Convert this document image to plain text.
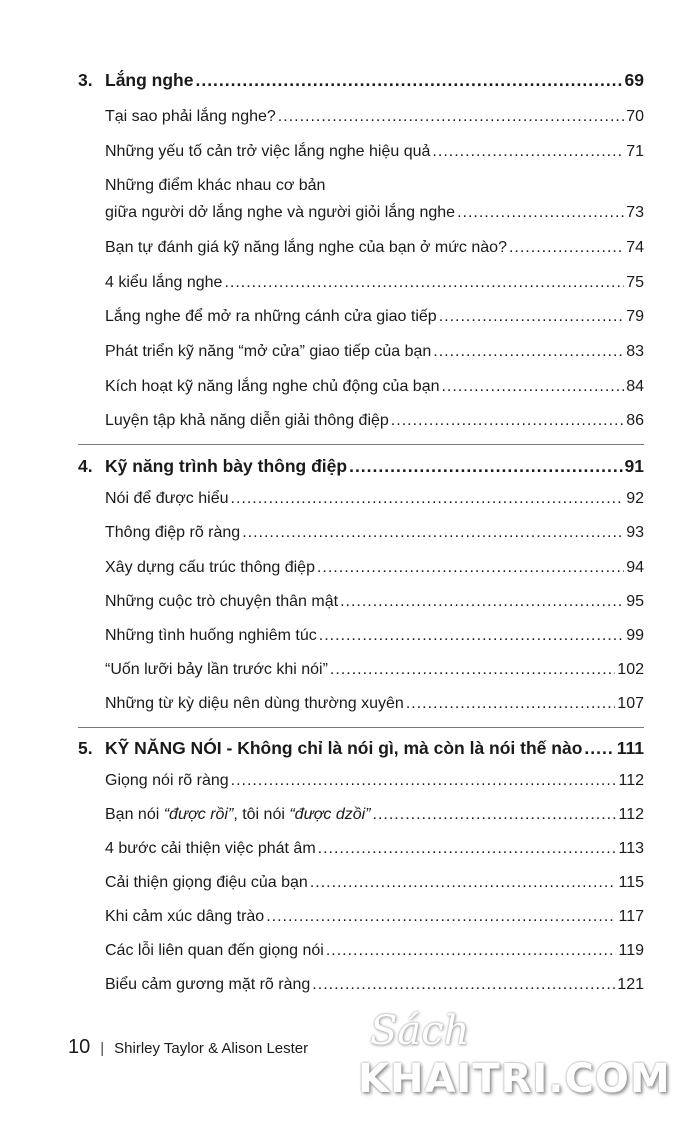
3. Lắng nghe .....	69
Tại sao phải lắng nghe? .....	70
Những yếu tố cản trở việc lắng nghe hiệu quả .....	71
Những điểm khác nhau cơ bản
giữa người dở lắng nghe và người giỏi lắng nghe .....	73
Bạn tự đánh giá kỹ năng lắng nghe của bạn ở mức nào? .....	74
4 kiểu lắng nghe .....	75
Lắng nghe để mở ra những cánh cửa giao tiếp .....	79
Phát triển kỹ năng “mở cửa” giao tiếp của bạn .....	83
Kích hoạt kỹ năng lắng nghe chủ động của bạn .....	84
Luyện tập khả năng diễn giải thông điệp .....	86
4. Kỹ năng trình bày thông điệp .....	91
Nói để được hiểu .....	92
Thông điệp rõ ràng .....	93
Xây dựng cấu trúc thông điệp .....	94
Những cuộc trò chuyện thân mật .....	95
Những tình huống nghiêm túc .....	99
“Uốn lưỡi bảy lần trước khi nói” .....	102
Những từ kỳ diệu nên dùng thường xuyên .....	107
5. KỸ NĂNG NÓI - Không chỉ là nói gì, mà còn là nói thế nào ..... 111
Giọng nói rõ ràng .....	112
Bạn nói “được rồi”, tôi nói “được dzồi” .....	112
4 bước cải thiện việc phát âm .....	113
Cải thiện giọng điệu của bạn .....	115
Khi cảm xúc dâng trào .....	117
Các lỗi liên quan đến giọng nói .....	119
Biểu cảm gương mặt rõ ràng .....	121
10 | Shirley Taylor & Alison Lester Sách
KHAITRI.COM
